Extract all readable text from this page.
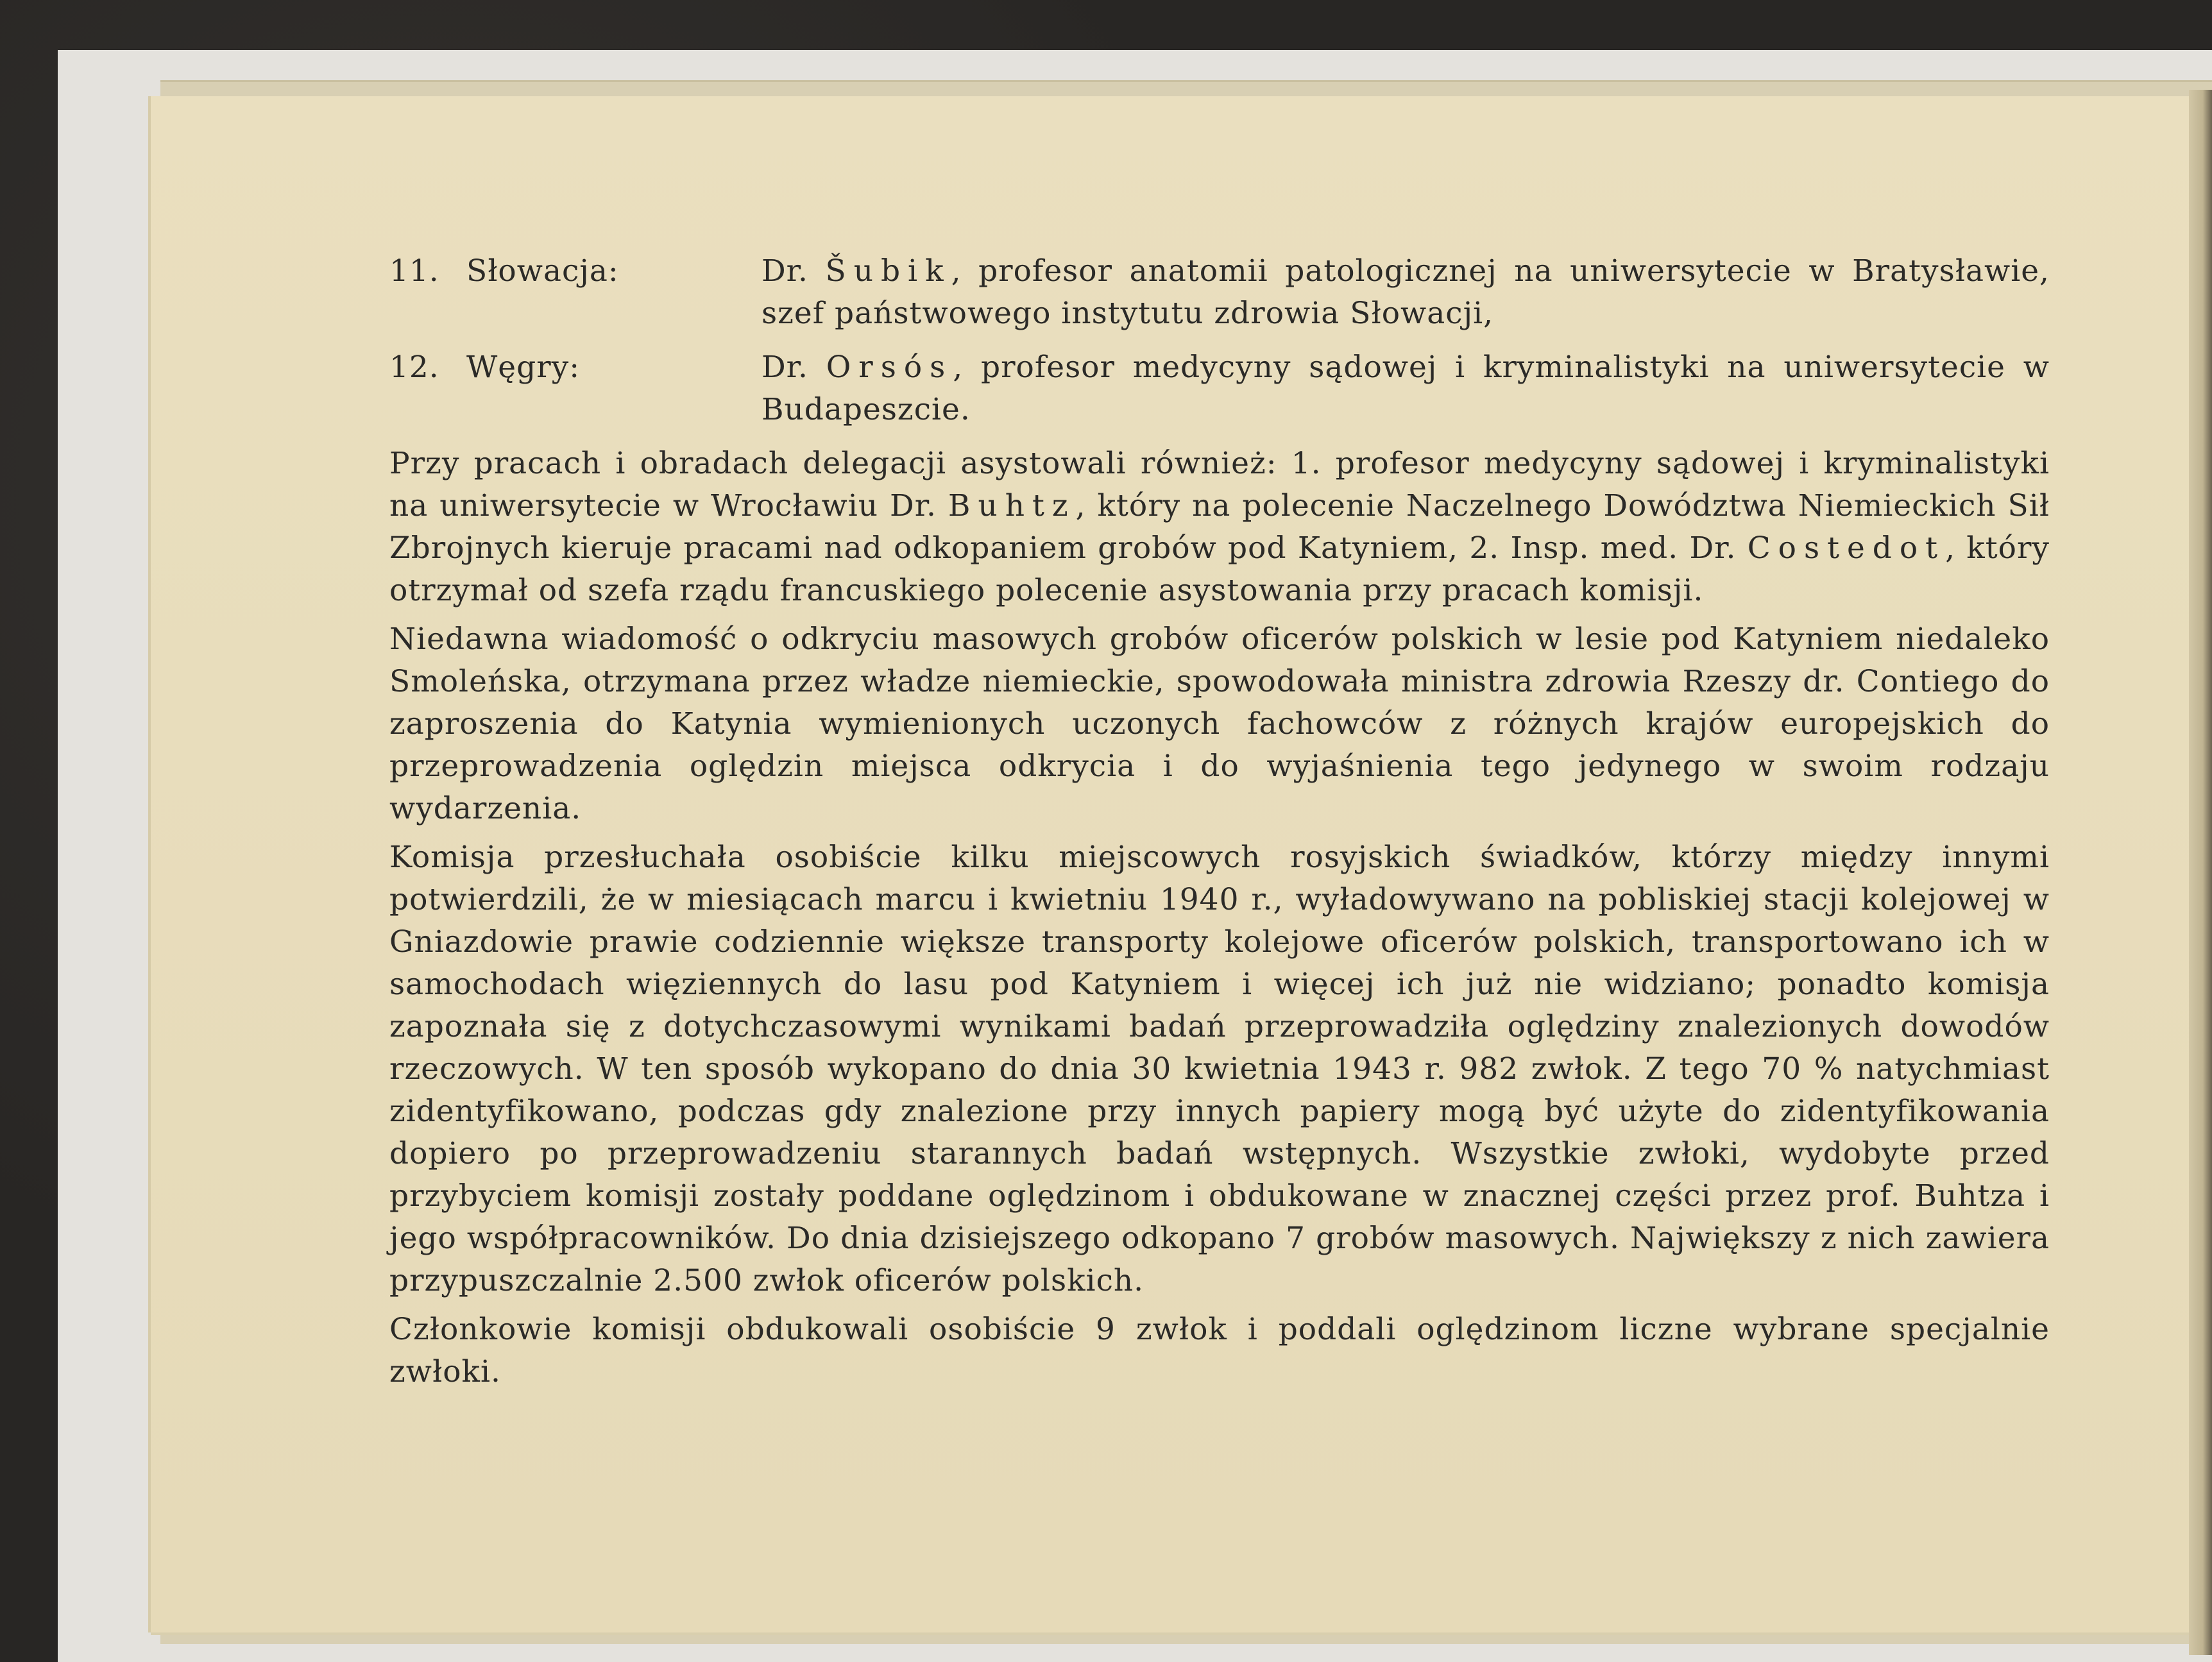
11. Słowacja:	Dr. Šubik, profesor anatomii patologicznej na uniwersytecie w Bratysławie, szef państwowego instytutu zdrowia Słowacji,
12. Węgry:	Dr. Orsós, profesor medycyny sądowej i kryminalistyki na uniwersytecie w Budapeszcie.

Przy pracach i obradach delegacji asystowali również: 1. profesor medycyny sądowej i kryminalistyki na uniwersytecie w Wrocławiu Dr. Buhtz, który na polecenie Naczelnego Dowództwa Niemieckich Sił Zbrojnych kieruje pracami nad odkopaniem grobów pod Katyniem, 2. Insp. med. Dr. Costedot, który otrzymał od szefa rządu francuskiego polecenie asystowania przy pracach komisji.

Niedawna wiadomość o odkryciu masowych grobów oficerów polskich w lesie pod Katyniem niedaleko Smoleńska, otrzymana przez władze niemieckie, spowodowała ministra zdrowia Rzeszy dr. Contiego do zaproszenia do Katynia wymienionych uczonych fachowców z różnych krajów europejskich do przeprowadzenia oględzin miejsca odkrycia i do wyjaśnienia tego jedynego w swoim rodzaju wydarzenia.

Komisja przesłuchała osobiście kilku miejscowych rosyjskich świadków, którzy między innymi potwierdzili, że w miesiącach marcu i kwietniu 1940 r., wyładowywano na pobliskiej stacji kolejowej w Gniazdowie prawie codziennie większe transporty kolejowe oficerów polskich, transportowano ich w samochodach więziennych do lasu pod Katyniem i więcej ich już nie widziano; ponadto komisja zapoznała się z dotychczasowymi wynikami badań przeprowadziła oględziny znalezionych dowodów rzeczowych. W ten sposób wykopano do dnia 30 kwietnia 1943 r. 982 zwłok. Z tego 70 % natychmiast zidentyfikowano, podczas gdy znalezione przy innych papiery mogą być użyte do zidentyfikowania dopiero po przeprowadzeniu starannych badań wstępnych. Wszystkie zwłoki, wydobyte przed przybyciem komisji zostały poddane oględzinom i obdukowane w znacznej części przez prof. Buhtza i jego współpracowników. Do dnia dzisiejszego odkopano 7 grobów masowych. Największy z nich zawiera przypuszczalnie 2.500 zwłok oficerów polskich.

Członkowie komisji obdukowali osobiście 9 zwłok i poddali oględzinom liczne wybrane specjalnie zwłoki.
